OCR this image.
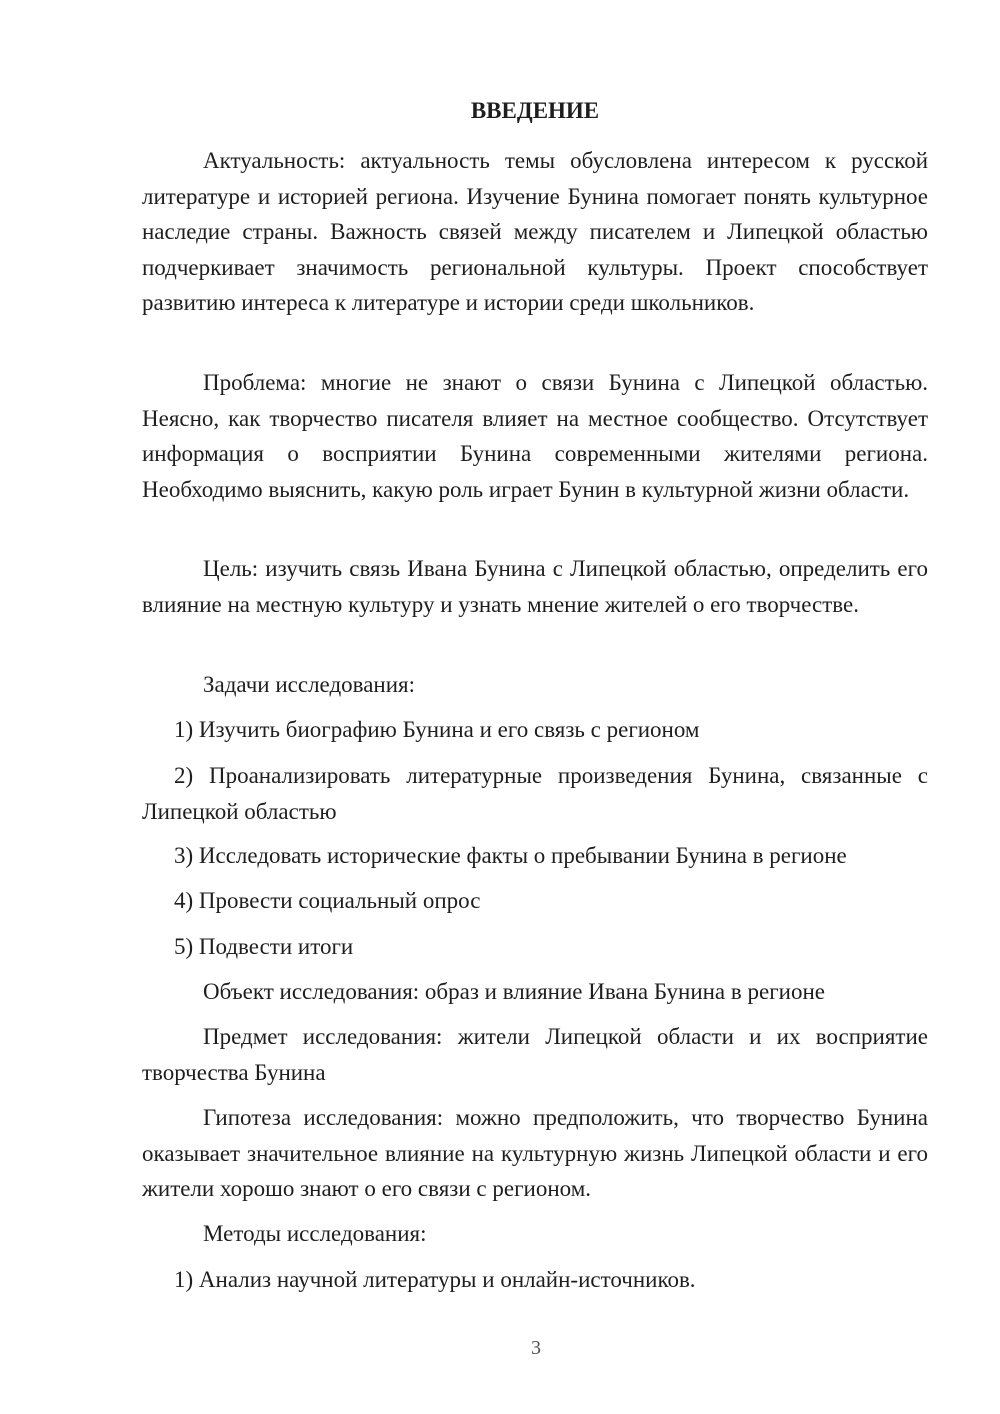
ВВЕДЕНИЕ

Актуальность: актуальность темы обусловлена интересом к русской литературе и историей региона. Изучение Бунина помогает понять культурное наследие страны. Важность связей между писателем и Липецкой областью подчеркивает значимость региональной культуры. Проект способствует развитию интереса к литературе и истории среди школьников.

Проблема: многие не знают о связи Бунина с Липецкой областью. Неясно, как творчество писателя влияет на местное сообщество. Отсутствует информация о восприятии Бунина современными жителями региона. Необходимо выяснить, какую роль играет Бунин в культурной жизни области.

Цель: изучить связь Ивана Бунина с Липецкой областью, определить его влияние на местную культуру и узнать мнение жителей о его творчестве.

Задачи исследования:

1) Изучить биографию Бунина и его связь с регионом

2) Проанализировать литературные произведения Бунина, связанные с Липецкой областью

3) Исследовать исторические факты о пребывании Бунина в регионе

4) Провести социальный опрос

5) Подвести итоги

Объект исследования: образ и влияние Ивана Бунина в регионе

Предмет исследования: жители Липецкой области и их восприятие творчества Бунина

Гипотеза исследования: можно предположить, что творчество Бунина оказывает значительное влияние на культурную жизнь Липецкой области и его жители хорошо знают о его связи с регионом.

Методы исследования:

1) Анализ научной литературы и онлайн-источников.

3
